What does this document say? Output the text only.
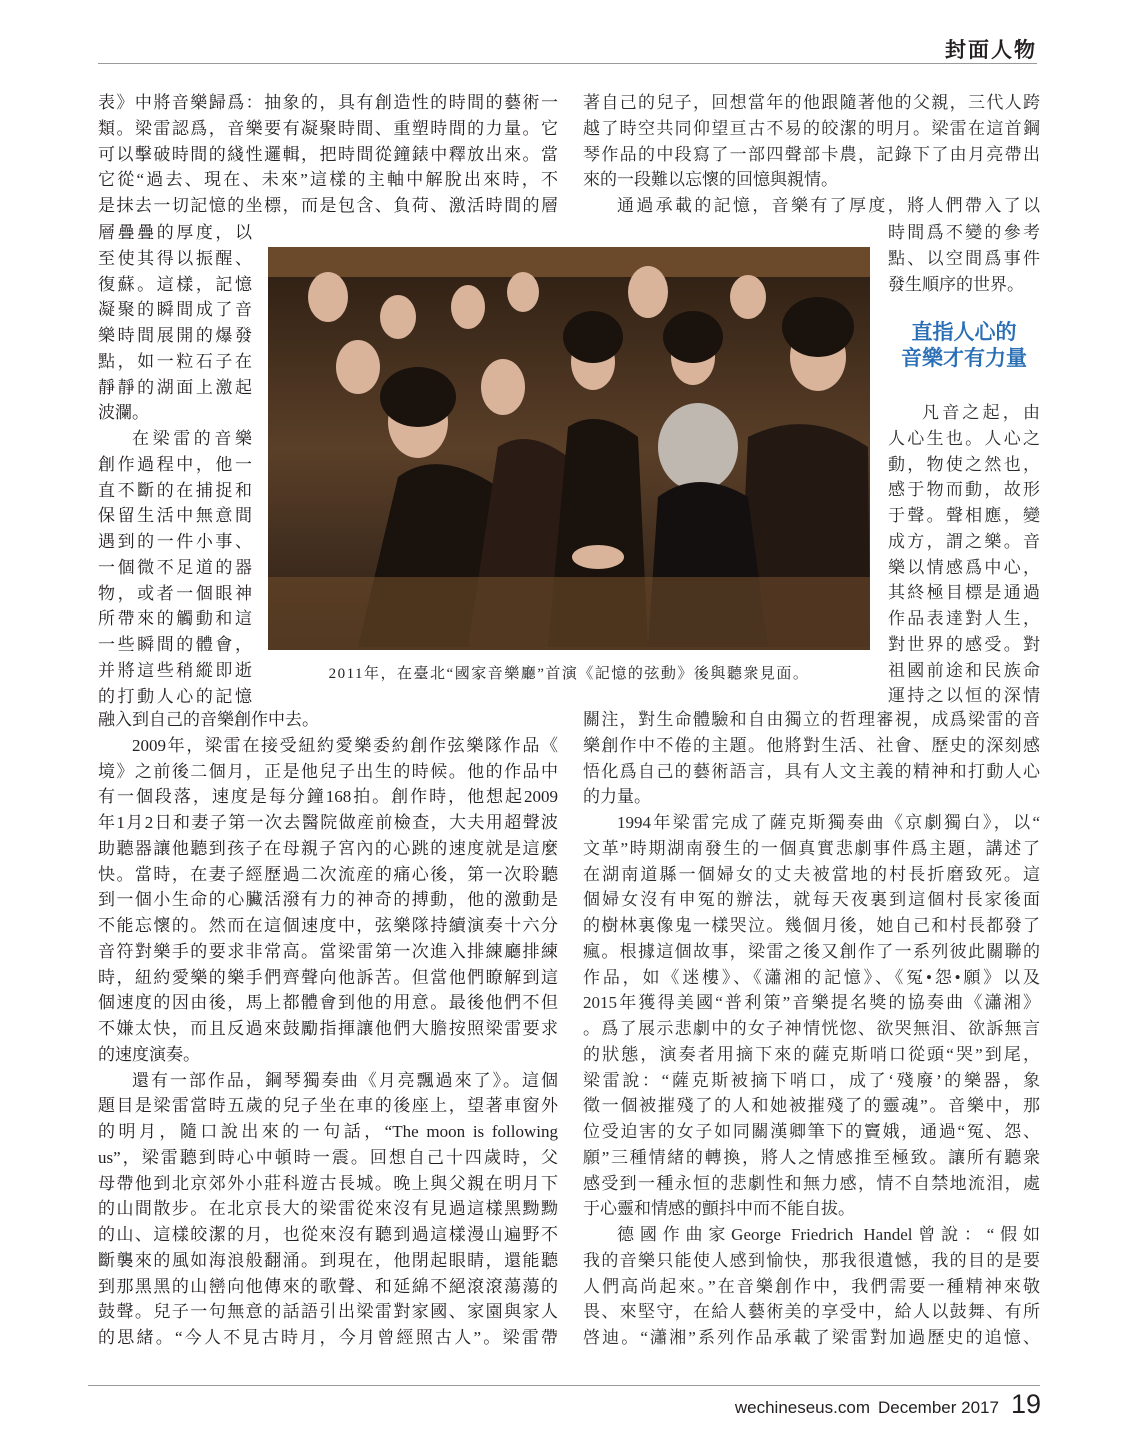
封面人物
表》中將音樂歸爲：抽象的，具有創造性的時間的藝術一
類。梁雷認爲，音樂要有凝聚時間、重塑時間的力量。它
可以擊破時間的綫性邏輯，把時間從鐘錶中釋放出來。當
它從“過去、現在、未來”這樣的主軸中解脫出來時，不
是抹去一切記憶的坐標，而是包含、負荷、激活時間的層
層疊疊的厚度，以
至使其得以振醒、
復蘇。這樣，記憶
凝聚的瞬間成了音
樂時間展開的爆發
點，如一粒石子在
靜靜的湖面上激起
波瀾。
在梁雷的音樂
創作過程中，他一
直不斷的在捕捉和
保留生活中無意間
遇到的一件小事、
一個微不足道的器
物，或者一個眼神
所帶來的觸動和這
一些瞬間的體會，
并將這些稍縱即逝
的打動人心的記憶
融入到自己的音樂創作中去。
2009年，梁雷在接受紐約愛樂委約創作弦樂隊作品《
境》之前後二個月，正是他兒子出生的時候。他的作品中
有一個段落，速度是每分鐘168拍。創作時，他想起2009
年1月2日和妻子第一次去醫院做産前檢查，大夫用超聲波
助聽器讓他聽到孩子在母親子宮內的心跳的速度就是這麼
快。當時，在妻子經歷過二次流産的痛心後，第一次聆聽
到一個小生命的心臟活潑有力的神奇的搏動，他的激動是
不能忘懷的。然而在這個速度中，弦樂隊持續演奏十六分
音符對樂手的要求非常高。當梁雷第一次進入排練廳排練
時，紐約愛樂的樂手們齊聲向他訴苦。但當他們瞭解到這
個速度的因由後，馬上都體會到他的用意。最後他們不但
不嫌太快，而且反過來鼓勵指揮讓他們大膽按照梁雷要求
的速度演奏。
還有一部作品，鋼琴獨奏曲《月亮飄過來了》。這個
題目是梁雷當時五歲的兒子坐在車的後座上，望著車窗外
的明月，隨口說出來的一句話，“The moon is following
us”，梁雷聽到時心中頓時一震。回想自己十四歲時，父
母帶他到北京郊外小莊科遊古長城。晚上與父親在明月下
的山間散步。在北京長大的梁雷從來沒有見過這樣黑黝黝
的山、這樣皎潔的月，也從來沒有聽到過這樣漫山遍野不
斷襲來的風如海浪般翻涌。到現在，他閉起眼睛，還能聽
到那黑黑的山巒向他傳來的歌聲、和延綿不絕滾滾蕩蕩的
鼓聲。兒子一句無意的話語引出梁雷對家國、家園與家人
的思緒。“今人不見古時月，今月曾經照古人”。梁雷帶
著自己的兒子，回想當年的他跟隨著他的父親，三代人跨
越了時空共同仰望亘古不易的皎潔的明月。梁雷在這首鋼
琴作品的中段寫了一部四聲部卡農，記錄下了由月亮帶出
來的一段難以忘懷的回憶與親情。
通過承載的記憶，音樂有了厚度，將人們帶入了以
時間爲不變的參考
點、以空間爲事件
發生順序的世界。
凡音之起，由
人心生也。人心之
動，物使之然也，
感于物而動，故形
于聲。聲相應，變
成方，謂之樂。音
樂以情感爲中心，
其終極目標是通過
作品表達對人生，
對世界的感受。對
祖國前途和民族命
運持之以恒的深情
關注，對生命體驗和自由獨立的哲理審視，成爲梁雷的音
樂創作中不倦的主題。他將對生活、社會、歷史的深刻感
悟化爲自己的藝術語言，具有人文主義的精神和打動人心
的力量。
1994年梁雷完成了薩克斯獨奏曲《京劇獨白》，以“
文革”時期湖南發生的一個真實悲劇事件爲主題，講述了
在湖南道縣一個婦女的丈夫被當地的村長折磨致死。這
個婦女沒有申冤的辦法，就每天夜裏到這個村長家後面
的樹林裏像鬼一樣哭泣。幾個月後，她自己和村長都發了
瘋。根據這個故事，梁雷之後又創作了一系列彼此關聯的
作品，如《迷樓》、《瀟湘的記憶》、《冤•怨•願》以及
2015年獲得美國“普利策”音樂提名獎的協奏曲《瀟湘》
。爲了展示悲劇中的女子神情恍惚、欲哭無泪、欲訴無言
的狀態，演奏者用摘下來的薩克斯哨口從頭“哭”到尾，
梁雷說：“薩克斯被摘下哨口，成了‘殘廢’的樂器，象
徵一個被摧殘了的人和她被摧殘了的靈魂”。音樂中，那
位受迫害的女子如同關漢卿筆下的竇娥，通過“冤、怨、
願”三種情緒的轉換，將人之情感推至極致。讓所有聽衆
感受到一種永恒的悲劇性和無力感，情不自禁地流泪，處
于心靈和情感的顫抖中而不能自拔。
德國作曲家George Friedrich Handel曾說：“假如
我的音樂只能使人感到愉快，那我很遺憾，我的目的是要
人們高尚起來。”在音樂創作中，我們需要一種精神來敬
畏、來堅守，在給人藝術美的享受中，給人以鼓舞、有所
啓迪。“瀟湘”系列作品承載了梁雷對加過歷史的追憶、
直指人心的
音樂才有力量
2011年，在臺北“國家音樂廳”首演《記憶的弦動》後與聽衆見面。
wechineseus.com December 2017 19
